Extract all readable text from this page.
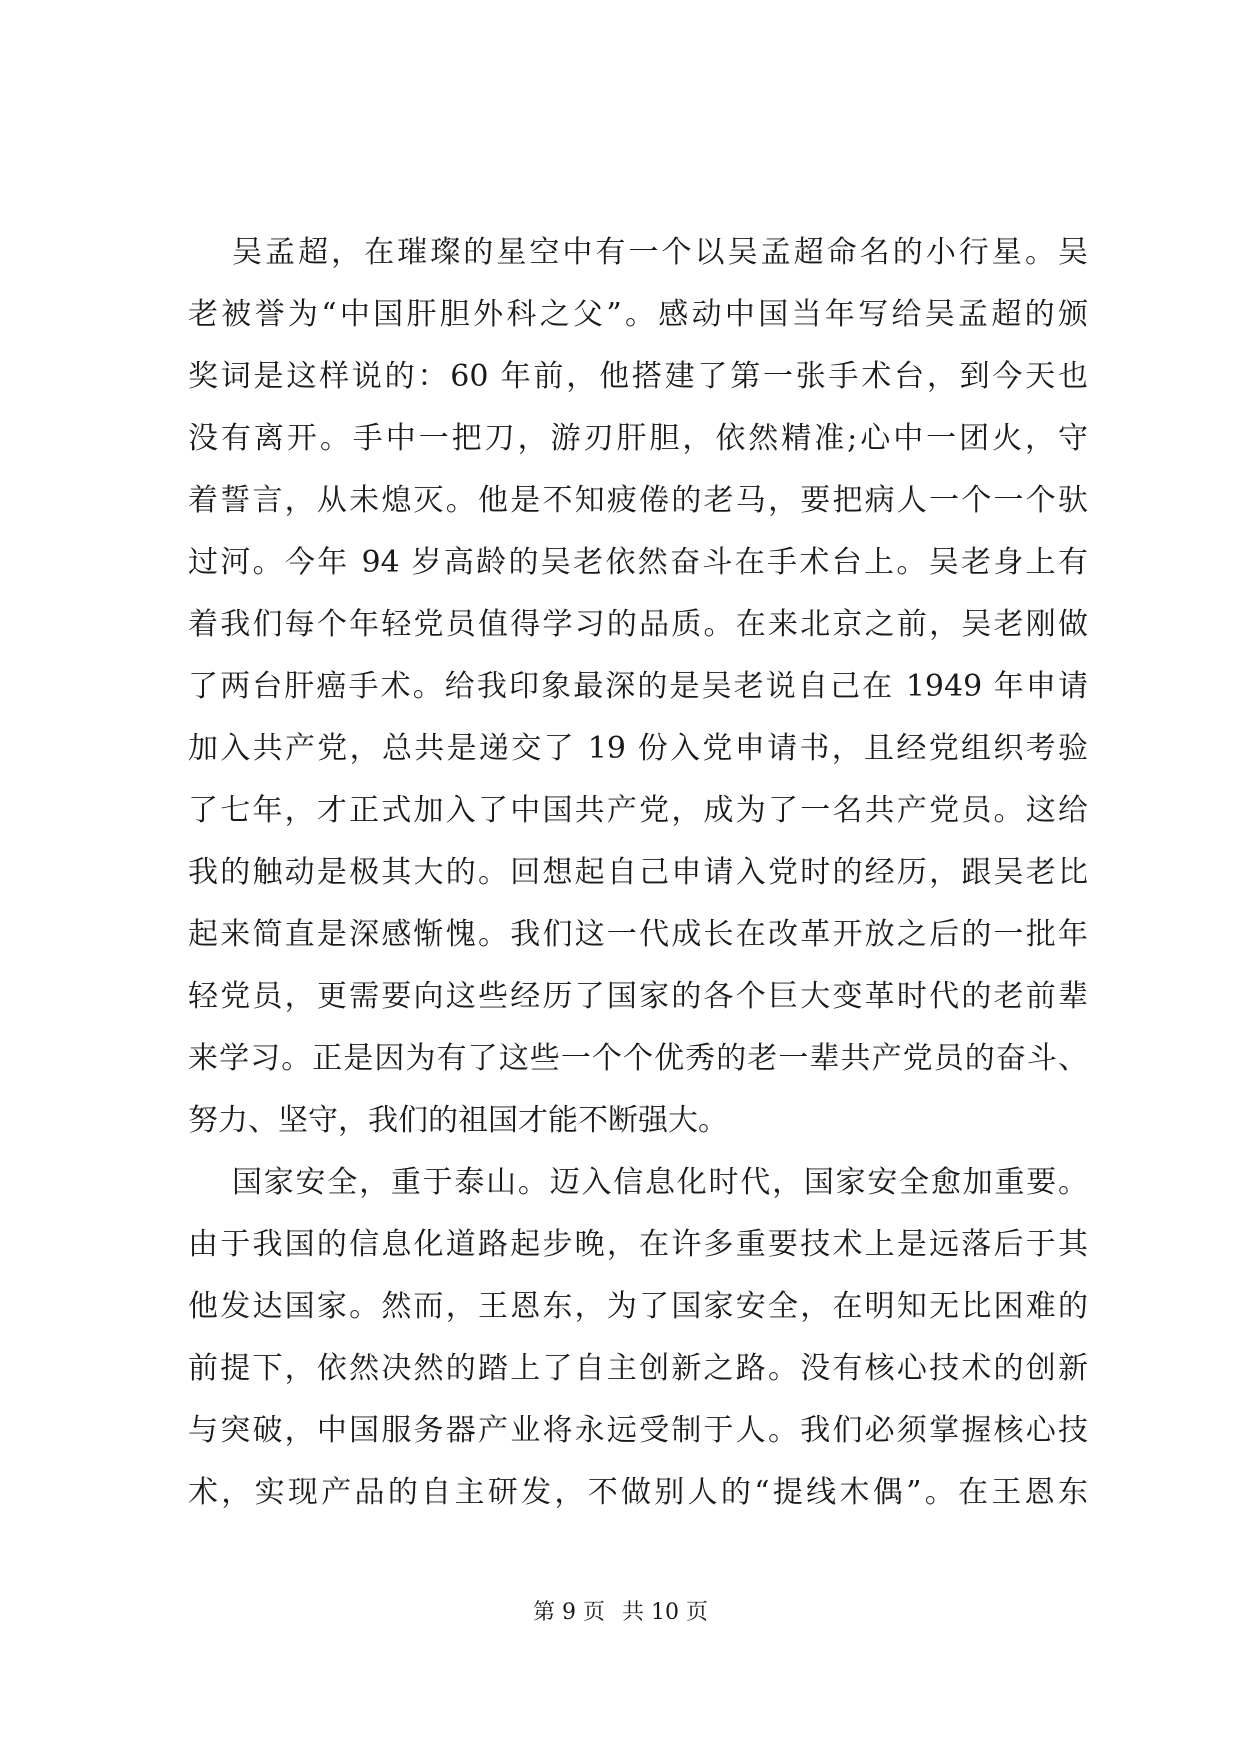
吴孟超，在璀璨的星空中有一个以吴孟超命名的小行星。吴
老被誉为“中国肝胆外科之父”。感动中国当年写给吴孟超的颁
奖词是这样说的：60 年前，他搭建了第一张手术台，到今天也
没有离开。手中一把刀，游刃肝胆，依然精准;心中一团火，守
着誓言，从未熄灭。他是不知疲倦的老马，要把病人一个一个驮
过河。今年 94 岁高龄的吴老依然奋斗在手术台上。吴老身上有
着我们每个年轻党员值得学习的品质。在来北京之前，吴老刚做
了两台肝癌手术。给我印象最深的是吴老说自己在 1949 年申请
加入共产党，总共是递交了 19 份入党申请书，且经党组织考验
了七年，才正式加入了中国共产党，成为了一名共产党员。这给
我的触动是极其大的。回想起自己申请入党时的经历，跟吴老比
起来简直是深感惭愧。我们这一代成长在改革开放之后的一批年
轻党员，更需要向这些经历了国家的各个巨大变革时代的老前辈
来学习。正是因为有了这些一个个优秀的老一辈共产党员的奋斗、
努力、坚守，我们的祖国才能不断强大。
国家安全，重于泰山。迈入信息化时代，国家安全愈加重要。
由于我国的信息化道路起步晚，在许多重要技术上是远落后于其
他发达国家。然而，王恩东，为了国家安全，在明知无比困难的
前提下，依然决然的踏上了自主创新之路。没有核心技术的创新
与突破，中国服务器产业将永远受制于人。我们必须掌握核心技
术，实现产品的自主研发，不做别人的“提线木偶”。在王恩东
第 9 页 共 10 页
